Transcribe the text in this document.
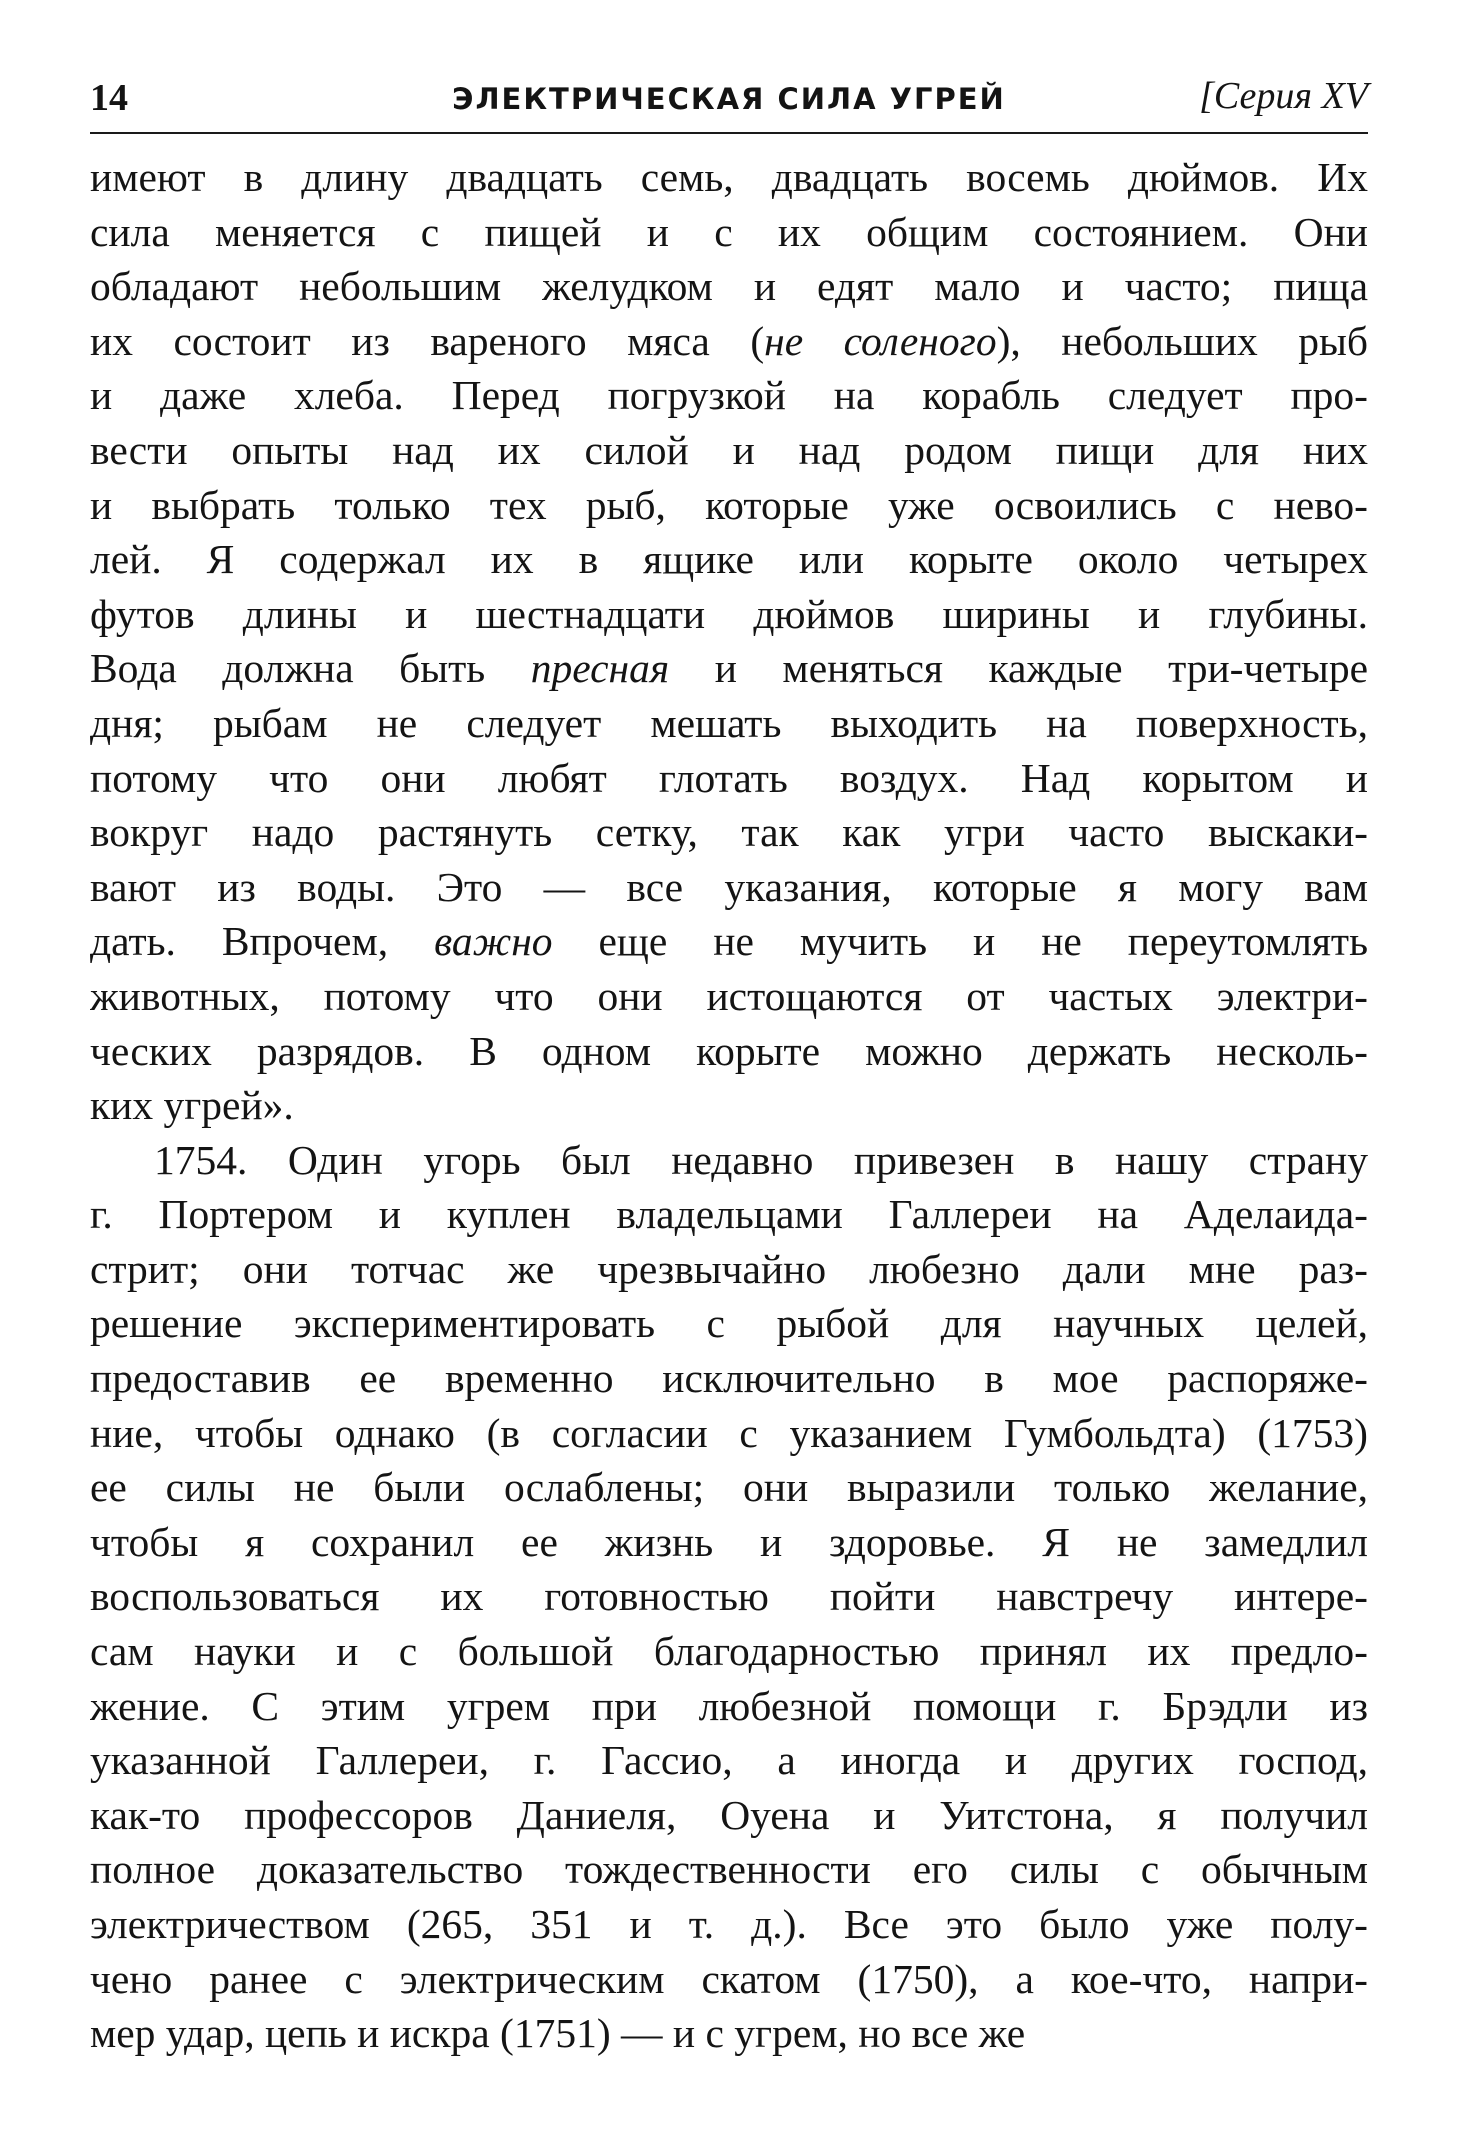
14	ЭЛЕКТРИЧЕСКАЯ СИЛА УГРЕЙ	[Серия XV
имеют в длину двадцать семь, двадцать восемь дюймов. Их
сила меняется с пищей и с их общим состоянием. Они
обладают небольшим желудком и едят мало и часто; пища
их состоит из вареного мяса (не соленого), небольших рыб
и даже хлеба. Перед погрузкой на корабль следует про-
вести опыты над их силой и над родом пищи для них
и выбрать только тех рыб, которые уже освоились с нево-
лей. Я содержал их в ящике или корыте около четырех
футов длины и шестнадцати дюймов ширины и глубины.
Вода должна быть пресная и меняться каждые три-четыре
дня; рыбам не следует мешать выходить на поверхность,
потому что они любят глотать воздух. Над корытом и
вокруг надо растянуть сетку, так как угри часто выскаки-
вают из воды. Это — все указания, которые я могу вам
дать. Впрочем, важно еще не мучить и не переутомлять
животных, потому что они истощаются от частых электри-
ческих разрядов. В одном корыте можно держать несколь-
ких угрей».
1754. Один угорь был недавно привезен в нашу страну
г. Портером и куплен владельцами Галлереи на Аделаида-
стрит; они тотчас же чрезвычайно любезно дали мне раз-
решение экспериментировать с рыбой для научных целей,
предоставив ее временно исключительно в мое распоряже-
ние, чтобы однако (в согласии с указанием Гумбольдта) (1753)
ее силы не были ослаблены; они выразили только желание,
чтобы я сохранил ее жизнь и здоровье. Я не замедлил
воспользоваться их готовностью пойти навстречу интере-
сам науки и с большой благодарностью принял их предло-
жение. С этим угрем при любезной помощи г. Брэдли из
указанной Галлереи, г. Гассио, а иногда и других господ,
как-то профессоров Даниеля, Оуена и Уитстона, я получил
полное доказательство тождественности его силы с обычным
электричеством (265, 351 и т. д.). Все это было уже полу-
чено ранее с электрическим скатом (1750), а кое-что, напри-
мер удар, цепь и искра (1751) — и с угрем, но все же
